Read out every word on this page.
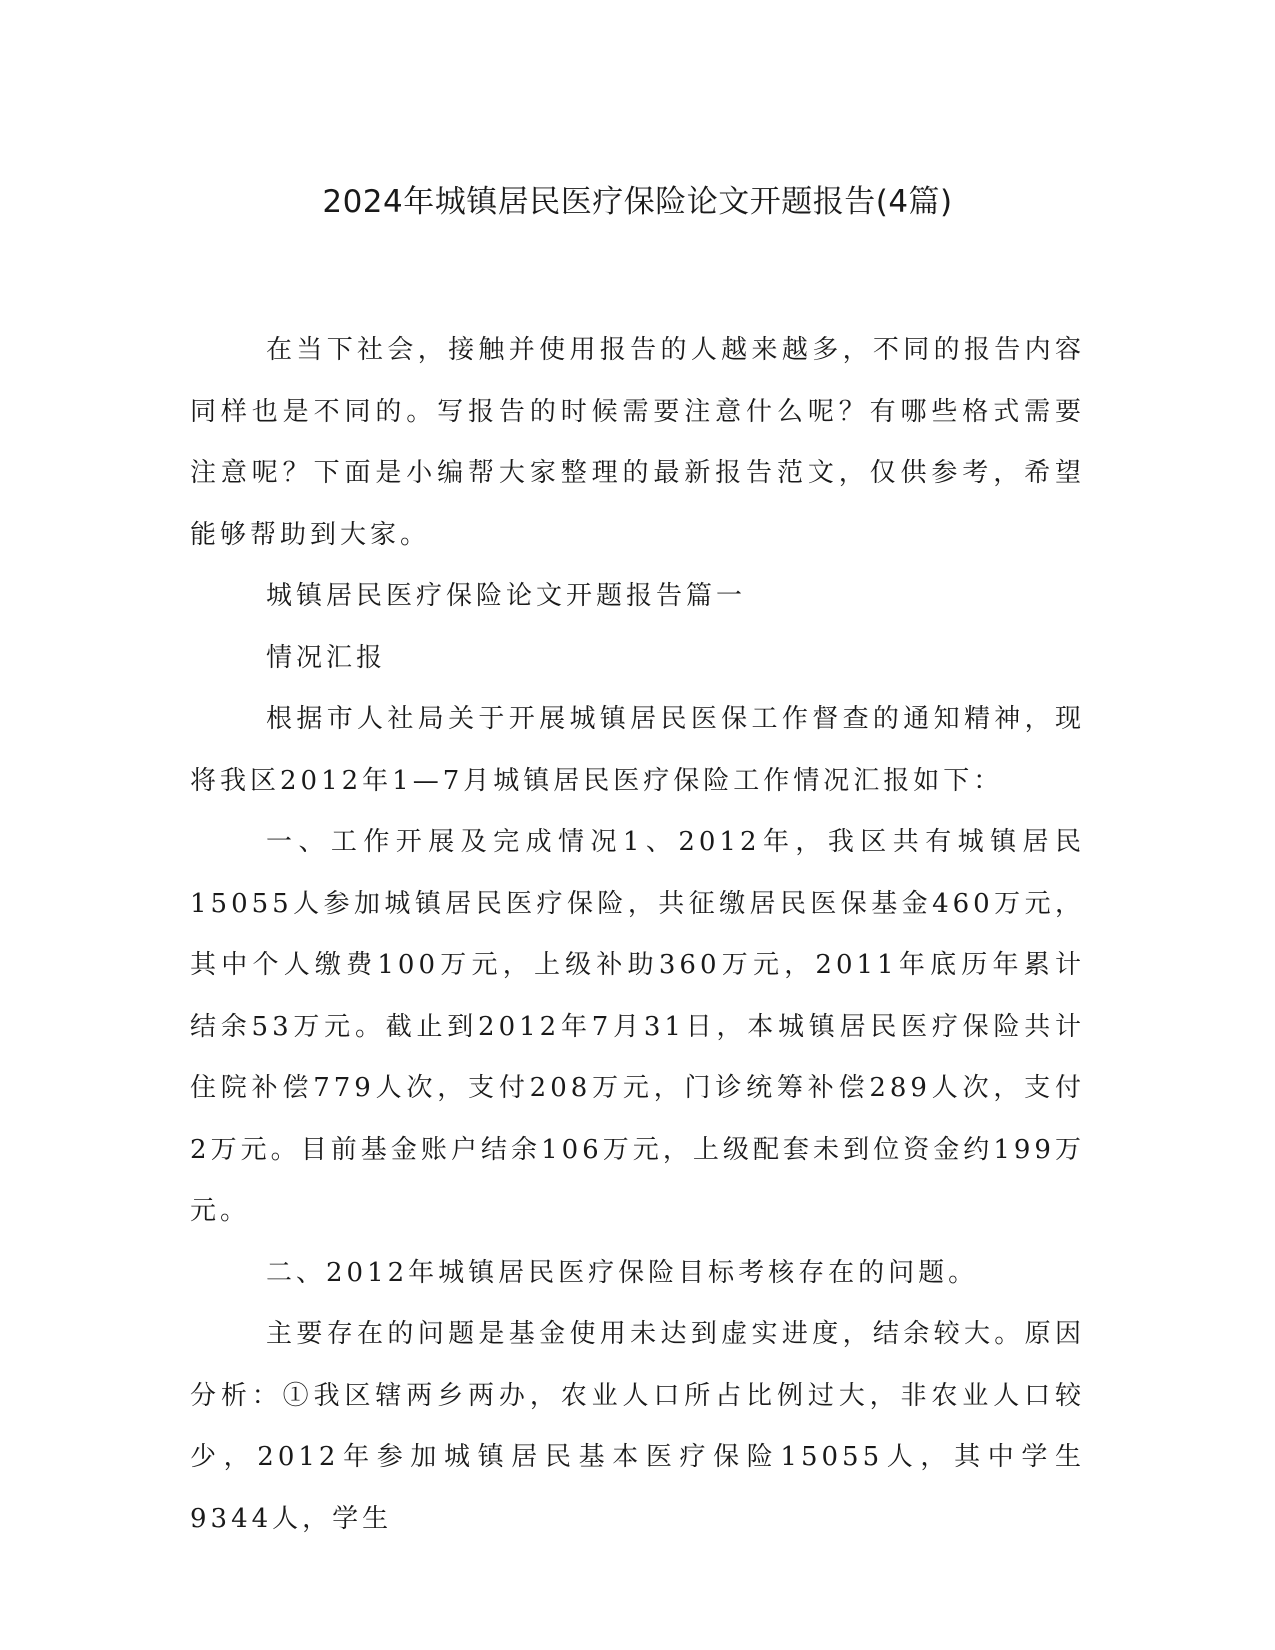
2024年城镇居民医疗保险论文开题报告(4篇)

在当下社会，接触并使用报告的人越来越多，不同的报告内容同样也是不同的。写报告的时候需要注意什么呢？有哪些格式需要注意呢？下面是小编帮大家整理的最新报告范文，仅供参考，希望能够帮助到大家。

城镇居民医疗保险论文开题报告篇一

情况汇报

根据市人社局关于开展城镇居民医保工作督查的通知精神，现将我区2012年1—7月城镇居民医疗保险工作情况汇报如下：

一、工作开展及完成情况1、2012年，我区共有城镇居民15055人参加城镇居民医疗保险，共征缴居民医保基金460万元，其中个人缴费100万元，上级补助360万元，2011年底历年累计结余53万元。截止到2012年7月31日，本城镇居民医疗保险共计住院补偿779人次，支付208万元，门诊统筹补偿289人次，支付2万元。目前基金账户结余106万元，上级配套未到位资金约199万元。

二、2012年城镇居民医疗保险目标考核存在的问题。

主要存在的问题是基金使用未达到虚实进度，结余较大。原因分析：①我区辖两乡两办，农业人口所占比例过大，非农业人口较少，2012年参加城镇居民基本医疗保险15055人，其中学生9344人，学生
